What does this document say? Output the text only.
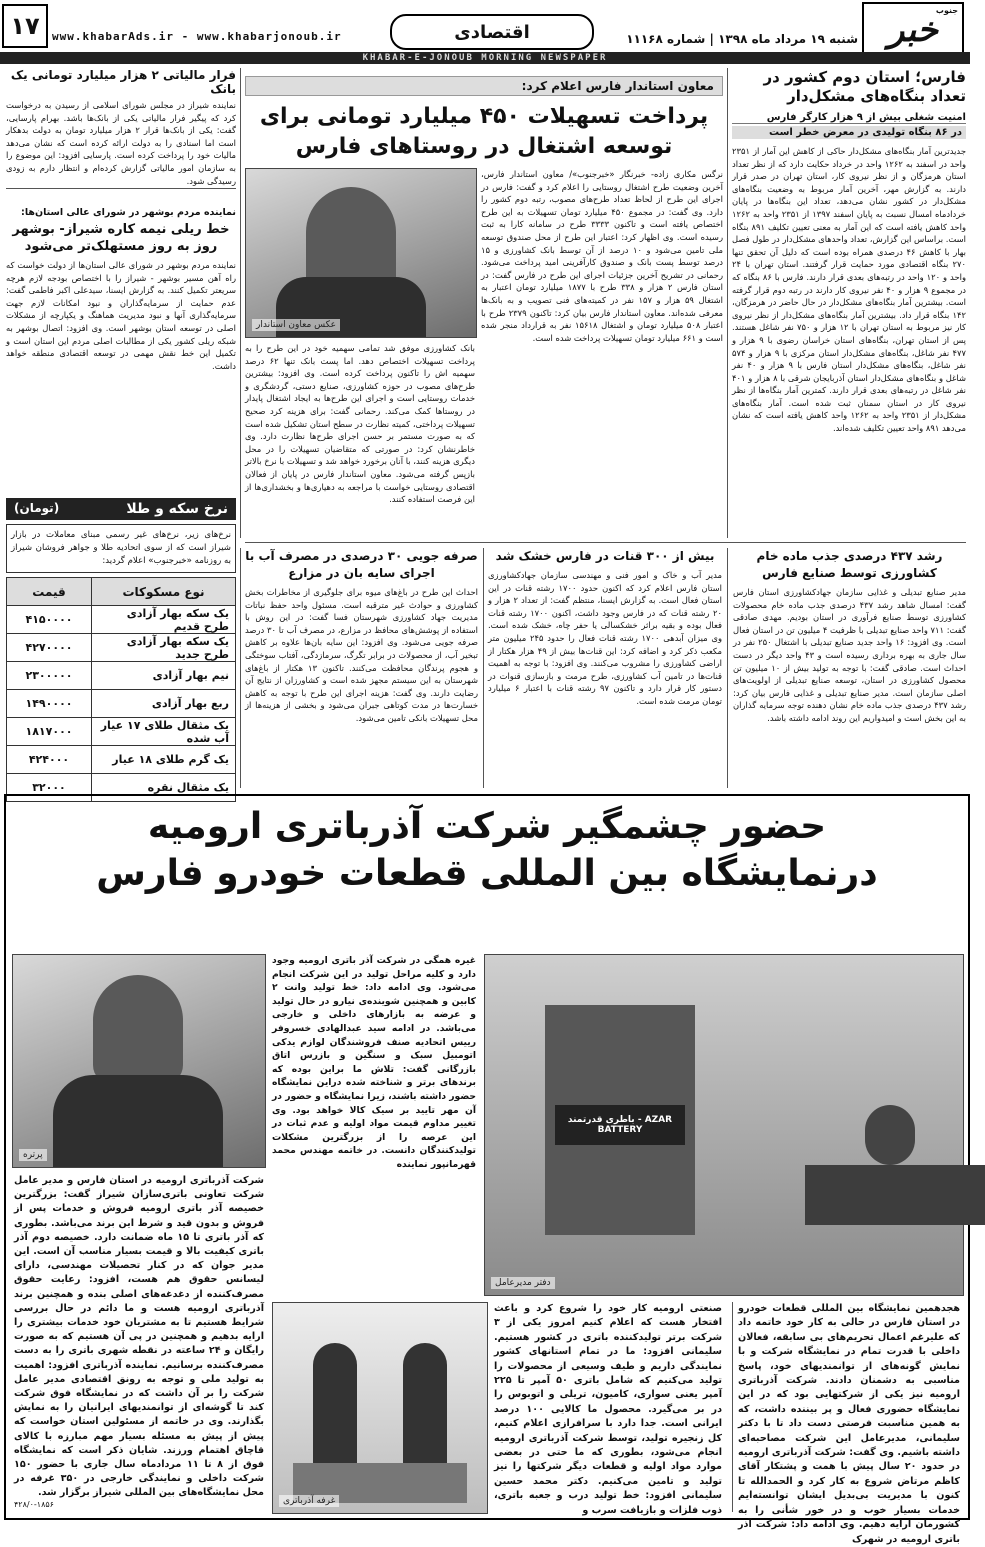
۱۷	www.khabarAds.ir - www.khabarjonoub.ir	اقتصادی	شنبه ۱۹ مرداد ماه ۱۳۹۸ | شماره ۱۱۱۶۸
جنوب
خبر
KHABAR-E-JONOUB MORNING NEWSPAPER
فارس؛ استان دوم کشور در تعداد بنگاه‌های مشکل‌دار
امنیت شغلی بیش از ۹ هزار کارگر فارس
در ۸۶ بنگاه تولیدی در معرض خطر است
جدیدترین آمار بنگاه‌های مشکل‌دار حاکی از کاهش این آمار از ۲۳۵۱ واحد در اسفند به ۱۲۶۲ واحد در خرداد حکایت دارد که از نظر تعداد استان هرمزگان و از نظر نیروی کار، استان تهران در صدر قرار دارند. به گزارش مهر، آخرین آمار مربوط به وضعیت بنگاه‌های مشکل‌دار در کشور نشان می‌دهد، تعداد این بنگاه‌ها در پایان خردادماه امسال نسبت به پایان اسفند ۱۳۹۷ از ۲۳۵۱ واحد به ۱۲۶۲ واحد کاهش یافته است که این آمار به معنی تعیین تکلیف ۸۹۱ بنگاه است. براساس این گزارش، تعداد واحدهای مشکل‌دار در طول فصل بهار با کاهش ۴۶ درصدی همراه بوده است که دلیل آن تحقق تنها ۲۷۰ بنگاه اقتصادی مورد حمایت قرار گرفتند. استان تهران با ۲۴ واحد و ۱۲۰ واحد در رتبه‌های بعدی قرار دارند. فارس با ۸۶ بنگاه که در مجموع ۹ هزار و ۴۰ نفر نیروی کار دارند در رتبه دوم قرار گرفته است. بیشترین آمار بنگاه‌های مشکل‌دار در حال حاضر در هرمزگان، ۱۴۲ بنگاه قرار داد. بیشترین آمار بنگاه‌های مشکل‌دار از نظر نیروی کار نیز مربوط به استان تهران با ۱۲ هزار و ۷۵۰ نفر شاغل هستند. پس از استان تهران، بنگاه‌های استان خراسان رضوی با ۹ هزار و ۴۷۷ نفر شاغل، بنگاه‌های مشکل‌دار استان مرکزی با ۹ هزار و ۵۷۴ نفر شاغل، بنگاه‌های مشکل‌دار استان فارس با ۹ هزار و ۴۰ نفر شاغل و بنگاه‌های مشکل‌دار استان آذربایجان شرقی با ۸ هزار و ۴۰۱ نفر شاغل در رتبه‌های بعدی قرار دارند. کمترین آمار بنگاه‌ها از نظر نیروی کار در استان سمنان ثبت شده است. آمار بنگاه‌های مشکل‌دار از ۲۳۵۱ واحد به ۱۲۶۲ واحد کاهش یافته است که نشان می‌دهد ۸۹۱ واحد تعیین تکلیف شده‌اند.
معاون استاندار فارس اعلام کرد:
پرداخت تسهیلات ۴۵۰ میلیارد تومانی برای توسعه اشتغال در روستاهای فارس
نرگس مکاری زاده- خبرنگار «خبرجنوب»/ معاون استاندار فارس، آخرین وضعیت طرح اشتغال روستایی را اعلام کرد و گفت: فارس در اجرای این طرح از لحاظ تعداد طرح‌های مصوب، رتبه دوم کشور را دارد. وی گفت: در مجموع ۴۵۰ میلیارد تومان تسهیلات به این طرح اختصاص یافته است و تاکنون ۳۳۳۳ طرح در سامانه کارا به ثبت رسیده است. وی اظهار کرد: اعتبار این طرح از محل صندوق توسعه ملی تامین می‌شود و ۱۰ درصد از آن توسط بانک کشاورزی و ۱۵ درصد توسط پست بانک و صندوق کارآفرینی امید پرداخت می‌شود. رحمانی در تشریح آخرین جزئیات اجرای این طرح در فارس گفت: در استان فارس ۲ هزار و ۳۳۸ طرح با ۱۸۷۷ میلیارد تومان اعتبار به اشتغال ۵۹ هزار و ۱۵۷ نفر در کمیته‌های فنی تصویب و به بانک‌ها معرفی شده‌اند. معاون استاندار فارس بیان کرد: تاکنون ۲۳۷۹ طرح با اعتبار ۵۰۸ میلیارد تومان و اشتغال ۱۵۶۱۸ نفر به قرارداد منجر شده است و ۶۶۱ میلیارد تومان تسهیلات پرداخت شده است.
عکس معاون استاندار
بانک کشاورزی موفق شد تمامی سهمیه خود در این طرح را به پرداخت تسهیلات اختصاص دهد. اما پست بانک تنها ۶۲ درصد سهمیه اش را تاکنون پرداخت کرده است. وی افزود: بیشترین طرح‌های مصوب در حوزه کشاورزی، صنایع دستی، گردشگری و خدمات روستایی است و اجرای این طرح‌ها به ایجاد اشتغال پایدار در روستاها کمک می‌کند. رحمانی گفت: برای هزینه کرد صحیح تسهیلات پرداختی، کمیته نظارت در سطح استان تشکیل شده است که به صورت مستمر بر حسن اجرای طرح‌ها نظارت دارد. وی خاطرنشان کرد: در صورتی که متقاضیان تسهیلات را در محل دیگری هزینه کنند، با آنان برخورد خواهد شد و تسهیلات با نرخ بالاتر بازپس گرفته می‌شود. معاون استاندار فارس در پایان از فعالان اقتصادی روستایی خواست با مراجعه به دهیاری‌ها و بخشداری‌ها از این فرصت استفاده کنند.
فرار مالیاتی ۲ هزار میلیارد تومانی یک بانک
نماینده شیراز در مجلس شورای اسلامی از رسیدن به درخواست کرد که پیگیر فرار مالیاتی یکی از بانک‌ها باشد. بهرام پارسایی، گفت: یکی از بانک‌ها قرار ۲ هزار میلیارد تومان به دولت بدهکار است اما اسنادی را به دولت ارائه کرده است که نشان می‌دهد مالیات خود را پرداخت کرده است. پارسایی افزود: این موضوع را به سازمان امور مالیاتی گزارش کرده‌ام و انتظار دارم به زودی رسیدگی شود.
نماینده مردم بوشهر در شورای عالی استان‌ها:
خط ریلی نیمه کاره شیراز- بوشهر روز به روز مستهلک‌تر می‌شود
نماینده مردم بوشهر در شورای عالی استان‌ها از دولت خواست که راه آهن مسیر بوشهر - شیراز را با اختصاص بودجه لازم هرچه سریعتر تکمیل کنند. به گزارش ایسنا، سیدعلی اکبر فاطمی گفت: عدم حمایت از سرمایه‌گذاران و نبود امکانات لازم جهت سرمایه‌گذاری آنها و نبود مدیریت هماهنگ و یکپارچه از مشکلات اصلی در توسعه استان بوشهر است. وی افزود: اتصال بوشهر به شبکه ریلی کشور یکی از مطالبات اصلی مردم این استان است و تکمیل این خط نقش مهمی در توسعه اقتصادی منطقه خواهد داشت.
نرخ سکه و طلا
(تومان)
نرخ‌های زیر، نرخ‌های غیر رسمی مبنای معاملات در بازار شیراز است که از سوی اتحادیه طلا و جواهر فروشان شیراز به روزنامه «خبرجنوب» اعلام گردید:
نوع مسکوکات	قیمت
یک سکه بهار آزادی طرح قدیم	۴۱۵۰۰۰۰
یک سکه بهار آزادی طرح جدید	۴۲۷۰۰۰۰
نیم بهار آزادی	۲۳۰۰۰۰۰
ربع بهار آزادی	۱۴۹۰۰۰۰
یک مثقال طلای ۱۷ عیار آب شده	۱۸۱۷۰۰۰
یک گرم طلای ۱۸ عیار	۴۲۴۰۰۰
یک مثقال نقره	۳۲۰۰۰
رشد ۴۳۷ درصدی جذب ماده خام کشاورزی توسط صنایع فارس
مدیر صنایع تبدیلی و غذایی سازمان جهادکشاورزی استان فارس گفت: امسال شاهد رشد ۴۳۷ درصدی جذب ماده خام محصولات کشاورزی توسط صنایع فرآوری در استان بودیم. مهدی صادقی گفت: ۷۱۱ واحد صنایع تبدیلی با ظرفیت ۴ میلیون تن در استان فعال است. وی افزود: ۱۶ واحد جدید صنایع تبدیلی با اشتغال ۲۵۰ نفر در سال جاری به بهره برداری رسیده است و ۴۳ واحد دیگر در دست احداث است. صادقی گفت: با توجه به تولید بیش از ۱۰ میلیون تن محصول کشاورزی در استان، توسعه صنایع تبدیلی از اولویت‌های اصلی سازمان است. مدیر صنایع تبدیلی و غذایی فارس بیان کرد: رشد ۴۳۷ درصدی جذب ماده خام نشان دهنده توجه سرمایه گذاران به این بخش است و امیدواریم این روند ادامه داشته باشد.
بیش از ۳۰۰ قنات در فارس خشک شد
مدیر آب و خاک و امور فنی و مهندسی سازمان جهادکشاورزی استان فارس اعلام کرد که اکنون حدود ۱۷۰۰ رشته قنات در این استان فعال است. به گزارش ایسنا، منتظم گفت: از تعداد ۲ هزار و ۲۰ رشته قنات که در فارس وجود داشت، اکنون ۱۷۰۰ رشته قنات فعال بوده و بقیه براثر خشکسالی یا حفر چاه، خشک شده است. وی میزان آبدهی ۱۷۰۰ رشته قنات فعال را حدود ۲۴۵ میلیون متر مکعب ذکر کرد و اضافه کرد: این قنات‌ها بیش از ۴۹ هزار هکتار از اراضی کشاورزی را مشروب می‌کنند. وی افزود: با توجه به اهمیت قنات‌ها در تامین آب کشاورزی، طرح مرمت و بازسازی قنوات در دستور کار قرار دارد و تاکنون ۹۷ رشته قنات با اعتبار ۶ میلیارد تومان مرمت شده است.
صرفه جویی ۳۰ درصدی در مصرف آب با اجرای سایه بان در مزارع
احداث این طرح در باغ‌های میوه برای جلوگیری از مخاطرات بخش کشاورزی و حوادث غیر مترقبه است. مسئول واحد حفظ نباتات مدیریت جهاد کشاورزی شهرستان فسا گفت: در این روش با استفاده از پوشش‌های محافظ در مزارع، در مصرف آب تا ۳۰ درصد صرفه جویی می‌شود. وی افزود: این سایه بان‌ها علاوه بر کاهش تبخیر آب، از محصولات در برابر تگرگ، سرمازدگی، آفتاب سوختگی و هجوم پرندگان محافظت می‌کنند. تاکنون ۱۳ هکتار از باغ‌های شهرستان به این سیستم مجهز شده است و کشاورزان از نتایج آن رضایت دارند. وی گفت: هزینه اجرای این طرح با توجه به کاهش خسارت‌ها در مدت کوتاهی جبران می‌شود و بخشی از هزینه‌ها از محل تسهیلات بانکی تامین می‌شود.
حضور چشمگیر شرکت آذرباتری ارومیه
درنمایشگاه بین المللی قطعات خودرو فارس
باطری قدرتمند - AZAR BATTERY
دفتر مدیرعامل
پرتره
هجدهمین نمایشگاه بین المللی قطعات خودرو در استان فارس در حالی به کار خود خاتمه داد که علیرغم اعمال تحریم‌های بی سابقه، فعالان داخلی با قدرت تمام در نمایشگاه شرکت و با نمایش گونه‌های از توانمندیهای خود، پاسخ مناسبی به دشمنان دادند. شرکت آذرباتری ارومیه نیز یکی از شرکتهایی بود که در این نمایشگاه حضوری فعال و پر بیننده داشت، که به همین مناسبت فرصتی دست داد تا با دکتر سلیمانی، مدیرعامل این شرکت مصاحبه‌ای داشته باشیم. وی گفت: شرکت آذرباتری ارومیه در حدود ۲۰ سال پیش با همت و پشتکار آقای کاظم مرتاض شروع به کار کرد و الحمدالله تا کنون با مدیریت بی‌بدیل ایشان توانسته‌ایم خدمات بسیار خوب و در خور شأنی را به کشورمان ارایه دهیم. وی ادامه داد: شرکت آذر باتری ارومیه در شهرک
صنعتی ارومیه کار خود را شروع کرد و باعث افتخار هست که اعلام کنیم امروز یکی از ۳ شرکت برتر تولیدکننده باتری در کشور هستیم. سلیمانی افزود: ما در تمام استانهای کشور نمایندگی داریم و طیف وسیعی از محصولات را تولید می‌کنیم که شامل باتری ۵۰ آمپر تا ۲۲۵ آمپر یعنی سواری، کامیون، تریلی و اتوبوس را در بر می‌گیرد. محصول ما کالایی ۱۰۰ درصد ایرانی است. جدا دارد با سرافرازی اعلام کنیم، کل زنجیره تولید، توسط شرکت آذرباتری ارومیه انجام می‌شود، بطوری که ما حتی در بعضی موارد مواد اولیه و قطعات دیگر شرکتها را نیز تولید و تامین می‌کنیم. دکتر محمد حسین سلیمانی افزود: خط تولید درب و جعبه باتری، ذوب فلزات و بازیافت سرب و
غرفه آذرباتری
شرکت آذرباتری ارومیه در استان فارس و مدیر عامل شرکت تعاونی باتری‌سازان شیراز گفت: بزرگترین خصیصه آذر باتری ارومیه فروش و خدمات پس از فروش و بدون قید و شرط این برند می‌باشد. بطوری که آذر باتری تا ۱۵ ماه ضمانت دارد. خصیصه دوم آذر باتری کیفیت بالا و قیمت بسیار مناسب آن است. این مدیر جوان که در کنار تحصیلات مهندسی، دارای لیسانس حقوق هم هست، افزود: رعایت حقوق مصرف‌کننده از دغدغه‌های اصلی بنده و همچنین برند آذرباتری ارومیه هست و ما دائم در حال بررسی شرایط هستیم تا به مشتریان خود خدمات بیشتری را ارایه بدهیم و همچنین در پی آن هستیم که به صورت رایگان و ۲۴ ساعته در نقطه شهری باتری را به دست مصرف‌کننده برسانیم. نماینده آذرباتری افزود: اهمیت به تولید ملی و توجه به رونق اقتصادی مدیر عامل شرکت را بر آن داشت که در نمایشگاه فوق شرکت کند تا گوشه‌ای از توانمندیهای ایرانیان را به نمایش بگذارند. وی در خاتمه از مسئولین استان خواست که پیش از پیش به مسئله بسیار مهم مبارزه با کالای قاچاق اهتمام ورزند. شایان ذکر است که نمایشگاه فوق از ۸ تا ۱۱ مردادماه سال جاری با حضور ۱۵۰ شرکت داخلی و نمایندگی خارجی در ۳۵۰ غرفه در محل نمایشگاه‌های بین المللی شیراز برگزار شد.
۴۲۸/۰-۱۸۵۶
غیره همگی در شرکت آذر باتری ارومیه وجود دارد و کلیه مراحل تولید در این شرکت انجام می‌شود. وی ادامه داد: خط تولید وانت ۲ کابین و همچنین شوینده‌ی نیارو در حال تولید و عرضه به بازار‌های داخلی و خارجی می‌باشد. در ادامه سید عبدالهادی خسروفر رییس اتحادیه صنف فروشندگان لوازم یدکی اتومبیل سبک و سنگین و بازرس اتاق بازرگانی گفت: تلاش ما براین بوده که برندهای برتر و شناخته شده دراین نمایشگاه حضور داشته باشند، زیرا نمایشگاه و حضور در آن مهر تایید بر سیک کالا خواهد بود. وی تغییر مداوم قیمت مواد اولیه و عدم ثبات در این عرصه را از بزرگترین مشکلات تولیدکنندگان دانست. در خاتمه مهندس محمد قهرمانپور نماینده
